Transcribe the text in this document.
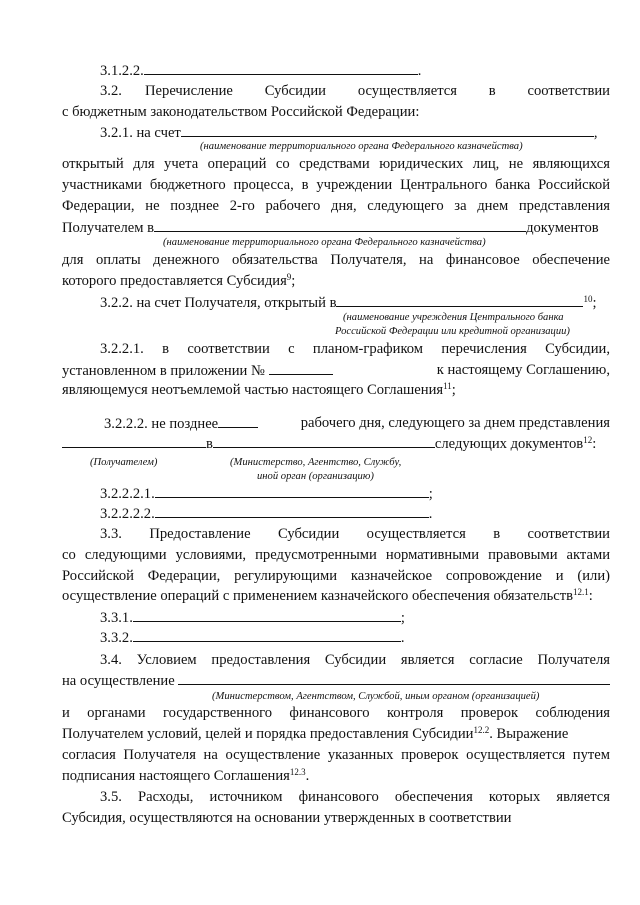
3.1.2.2.	.
3.2. Перечисление Субсидии осуществляется в соответствии
с бюджетным законодательством Российской Федерации:
3.2.1. на счет	,
(наименование территориального органа Федерального казначейства)
открытый для учета операций со средствами юридических лиц, не являющихся
участниками бюджетного процесса, в учреждении Центрального банка Российской
Федерации, не позднее 2-го рабочего дня, следующего за днем представления
Получателем в	документов
(наименование территориального органа Федерального казначейства)
для оплаты денежного обязательства Получателя, на финансовое обеспечение
которого предоставляется Субсидия$^9$;
3.2.2. на счет Получателя, открытый в	$^{10}$;
(наименование учреждения Центрального банка
Российской Федерации или кредитной организации)
3.2.2.1. в соответствии с планом-графиком перечисления Субсидии,
установленном в приложении №	к настоящему Соглашению,
являющемуся неотъемлемой частью настоящего Соглашения$^{11}$;
3.2.2.2. не позднее	рабочего дня, следующего за днем представления
в	следующих документов$^{12}$:
(Получателем)	(Министерство, Агентство, Службу,
иной орган (организацию)
3.2.2.2.1.	;
3.2.2.2.2.	.
3.3. Предоставление Субсидии осуществляется в соответствии
со следующими условиями, предусмотренными нормативными правовыми актами
Российской Федерации, регулирующими казначейское сопровождение и (или)
осуществление операций с применением казначейского обеспечения обязательств$^{12.1}$:
3.3.1.	;
3.3.2.	.
3.4. Условием предоставления Субсидии является согласие Получателя
на осуществление
(Министерством, Агентством, Службой, иным органом (организацией)
и органами государственного финансового контроля проверок соблюдения
Получателем условий, целей и порядка предоставления Субсидии$^{12.2}$. Выражение
согласия Получателя на осуществление указанных проверок осуществляется путем
подписания настоящего Соглашения$^{12.3}$.
3.5. Расходы, источником финансового обеспечения которых является
Субсидия, осуществляются на основании утвержденных в соответствии
